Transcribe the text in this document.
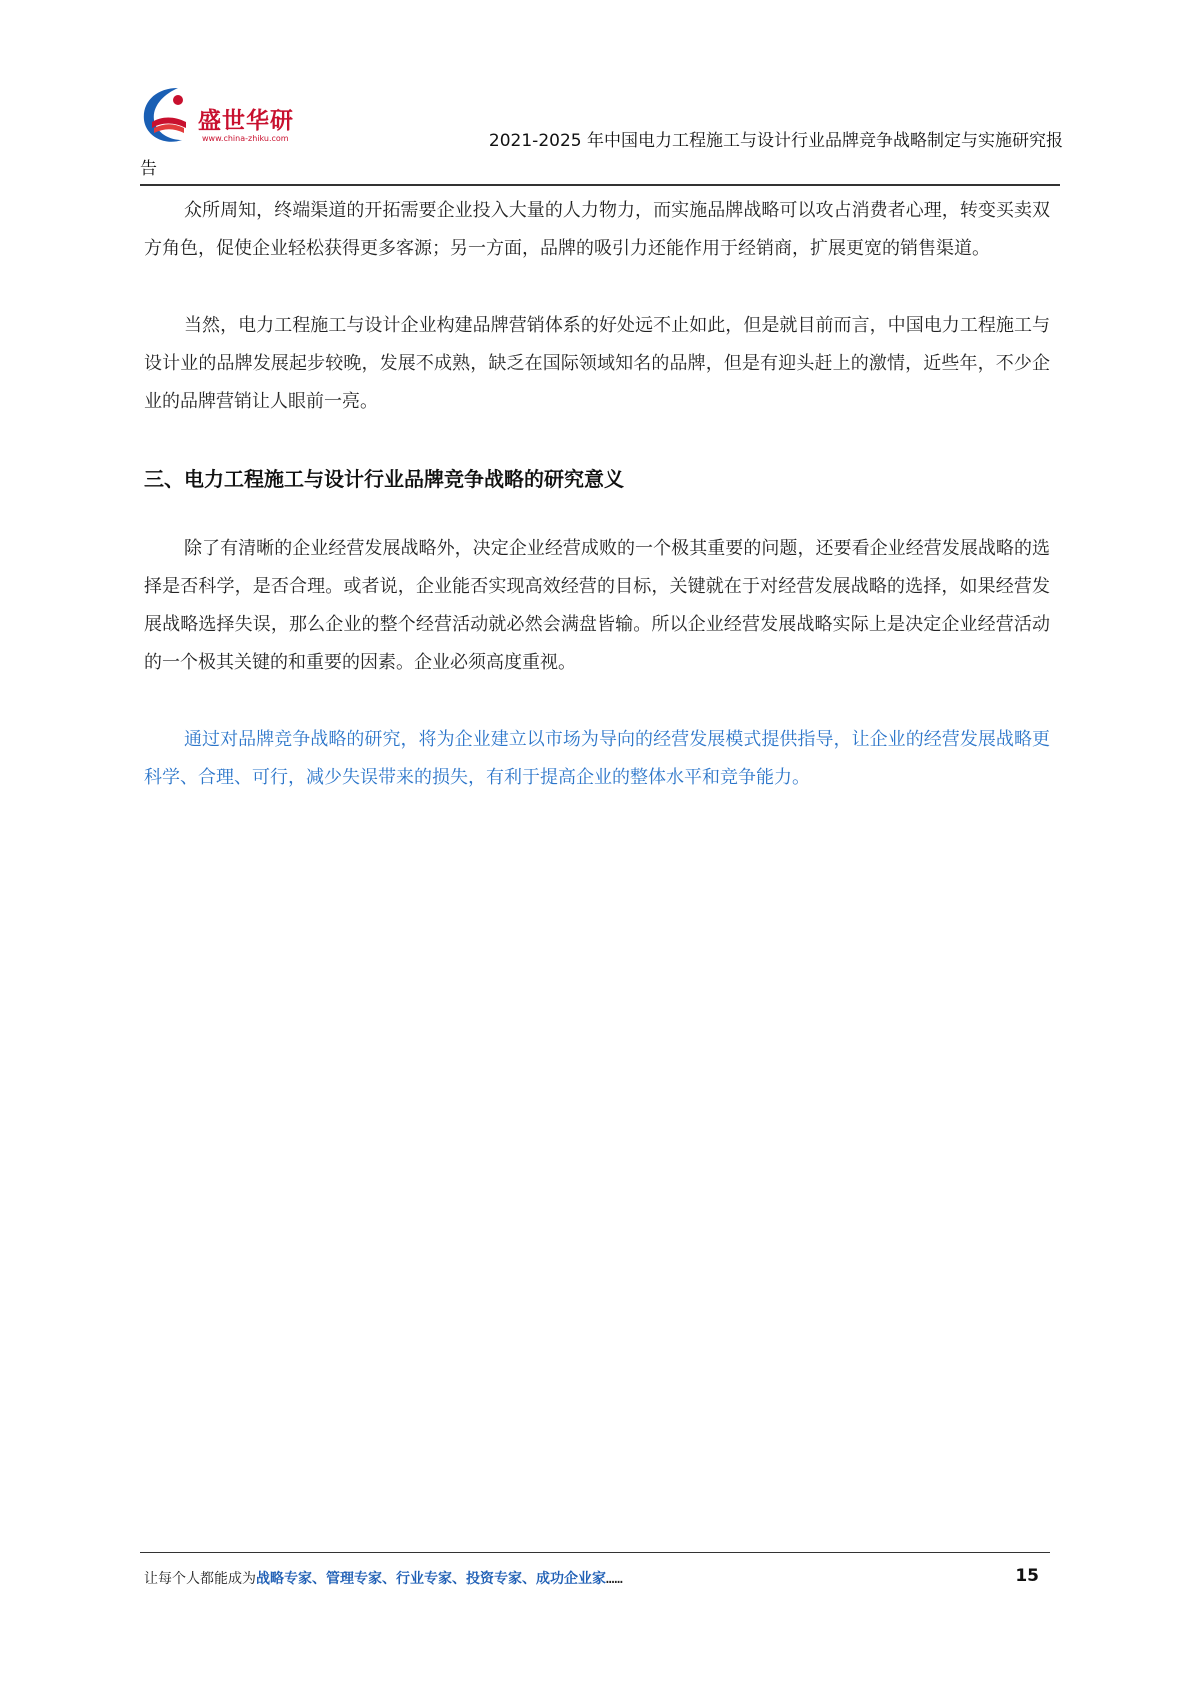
盛世华研
www.china-zhiku.com	2021-2025 年中国电力工程施工与设计行业品牌竞争战略制定与实施研究报
告

众所周知，终端渠道的开拓需要企业投入大量的人力物力，而实施品牌战略可以攻占消费者心理，转变买卖双方角色，促使企业轻松获得更多客源；另一方面，品牌的吸引力还能作用于经销商，扩展更宽的销售渠道。

当然，电力工程施工与设计企业构建品牌营销体系的好处远不止如此，但是就目前而言，中国电力工程施工与设计业的品牌发展起步较晚，发展不成熟，缺乏在国际领域知名的品牌，但是有迎头赶上的激情，近些年，不少企业的品牌营销让人眼前一亮。

三、电力工程施工与设计行业品牌竞争战略的研究意义

除了有清晰的企业经营发展战略外，决定企业经营成败的一个极其重要的问题，还要看企业经营发展战略的选择是否科学，是否合理。或者说，企业能否实现高效经营的目标，关键就在于对经营发展战略的选择，如果经营发展战略选择失误，那么企业的整个经营活动就必然会满盘皆输。所以企业经营发展战略实际上是决定企业经营活动的一个极其关键的和重要的因素。企业必须高度重视。

通过对品牌竞争战略的研究，将为企业建立以市场为导向的经营发展模式提供指导，让企业的经营发展战略更科学、合理、可行，减少失误带来的损失，有利于提高企业的整体水平和竞争能力。

让每个人都能成为战略专家、管理专家、行业专家、投资专家、成功企业家……	15
